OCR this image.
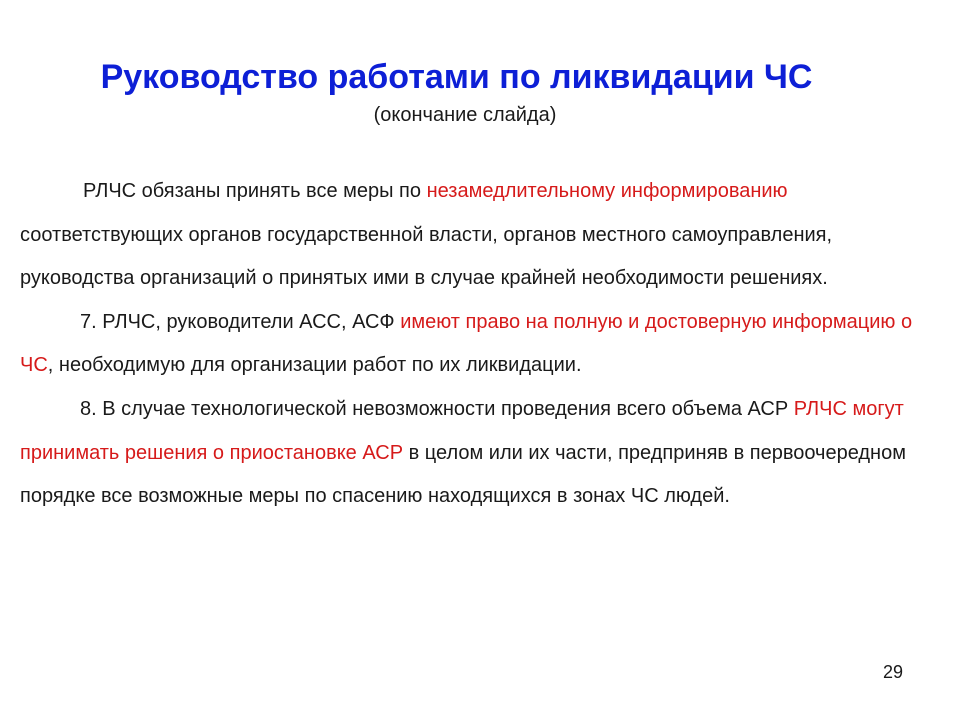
Руководство работами по ликвидации ЧС
(окончание слайда)

РЛЧС обязаны принять все меры по незамедлительному информированию соответствующих органов государственной власти, органов местного самоуправления, руководства организаций о принятых ими в случае крайней необходимости решениях.

7. РЛЧС, руководители АСС, АСФ имеют право на полную и достоверную информацию о ЧС, необходимую для организации работ по их ликвидации.

8. В случае технологической невозможности проведения всего объема АСР РЛЧС могут принимать решения о приостановке АСР в целом или их части, предприняв в первоочередном порядке все возможные меры по спасению находящихся в зонах ЧС людей.

29
